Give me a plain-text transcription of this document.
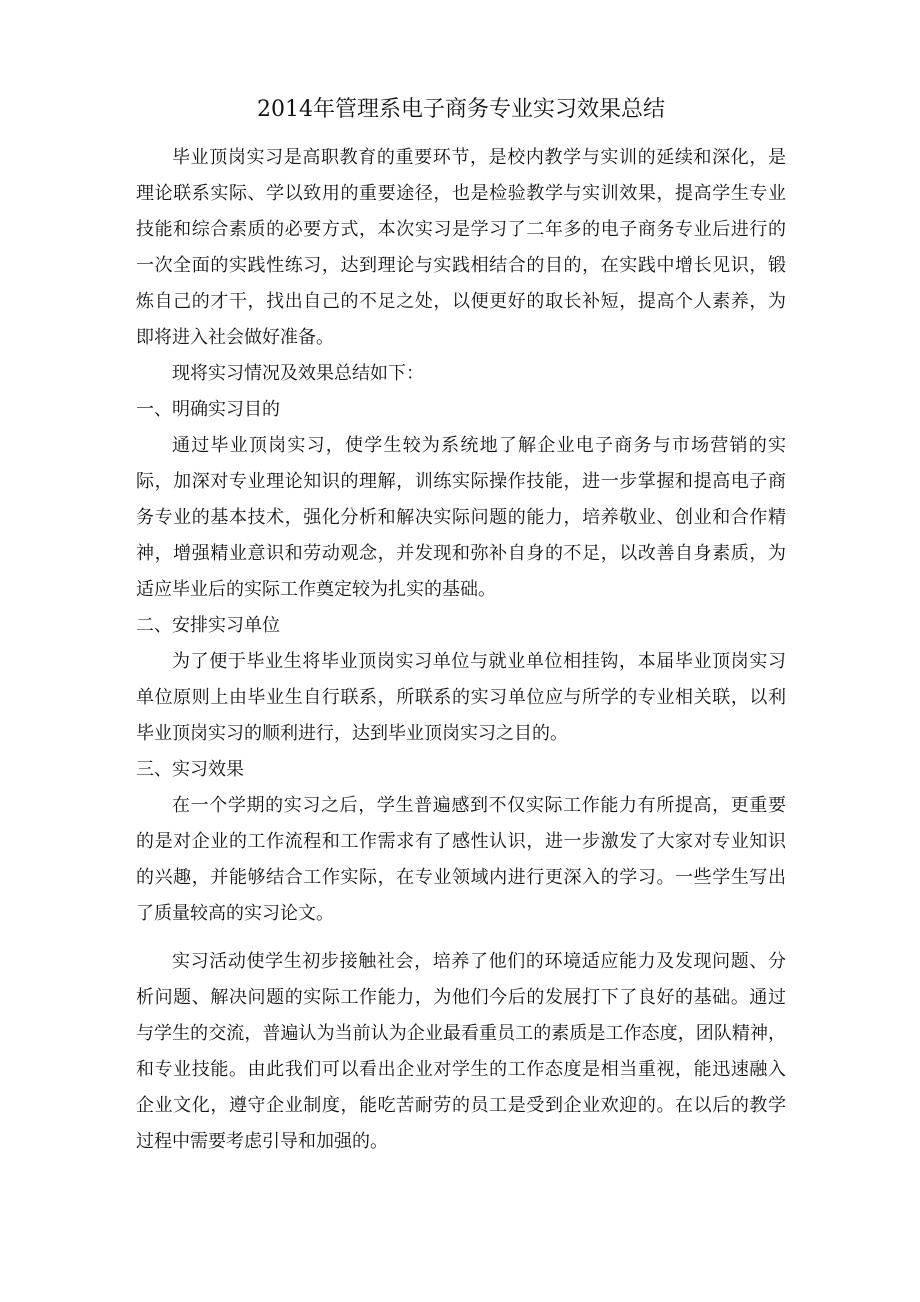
2014年管理系电子商务专业实习效果总结
毕业顶岗实习是高职教育的重要环节，是校内教学与实训的延续和深化，是
理论联系实际、学以致用的重要途径，也是检验教学与实训效果，提高学生专业
技能和综合素质的必要方式，本次实习是学习了二年多的电子商务专业后进行的
一次全面的实践性练习，达到理论与实践相结合的目的，在实践中增长见识，锻
炼自己的才干，找出自己的不足之处，以便更好的取长补短，提高个人素养，为
即将进入社会做好准备。
现将实习情况及效果总结如下：
一、明确实习目的
通过毕业顶岗实习，使学生较为系统地了解企业电子商务与市场营销的实
际，加深对专业理论知识的理解，训练实际操作技能，进一步掌握和提高电子商
务专业的基本技术，强化分析和解决实际问题的能力，培养敬业、创业和合作精
神，增强精业意识和劳动观念，并发现和弥补自身的不足，以改善自身素质，为
适应毕业后的实际工作奠定较为扎实的基础。
二、安排实习单位
为了便于毕业生将毕业顶岗实习单位与就业单位相挂钩，本届毕业顶岗实习
单位原则上由毕业生自行联系，所联系的实习单位应与所学的专业相关联，以利
毕业顶岗实习的顺利进行，达到毕业顶岗实习之目的。
三、实习效果
在一个学期的实习之后，学生普遍感到不仅实际工作能力有所提高，更重要
的是对企业的工作流程和工作需求有了感性认识，进一步激发了大家对专业知识
的兴趣，并能够结合工作实际，在专业领域内进行更深入的学习。一些学生写出
了质量较高的实习论文。
实习活动使学生初步接触社会，培养了他们的环境适应能力及发现问题、分
析问题、解决问题的实际工作能力，为他们今后的发展打下了良好的基础。通过
与学生的交流，普遍认为当前认为企业最看重员工的素质是工作态度，团队精神，
和专业技能。由此我们可以看出企业对学生的工作态度是相当重视，能迅速融入
企业文化，遵守企业制度，能吃苦耐劳的员工是受到企业欢迎的。在以后的教学
过程中需要考虑引导和加强的。
